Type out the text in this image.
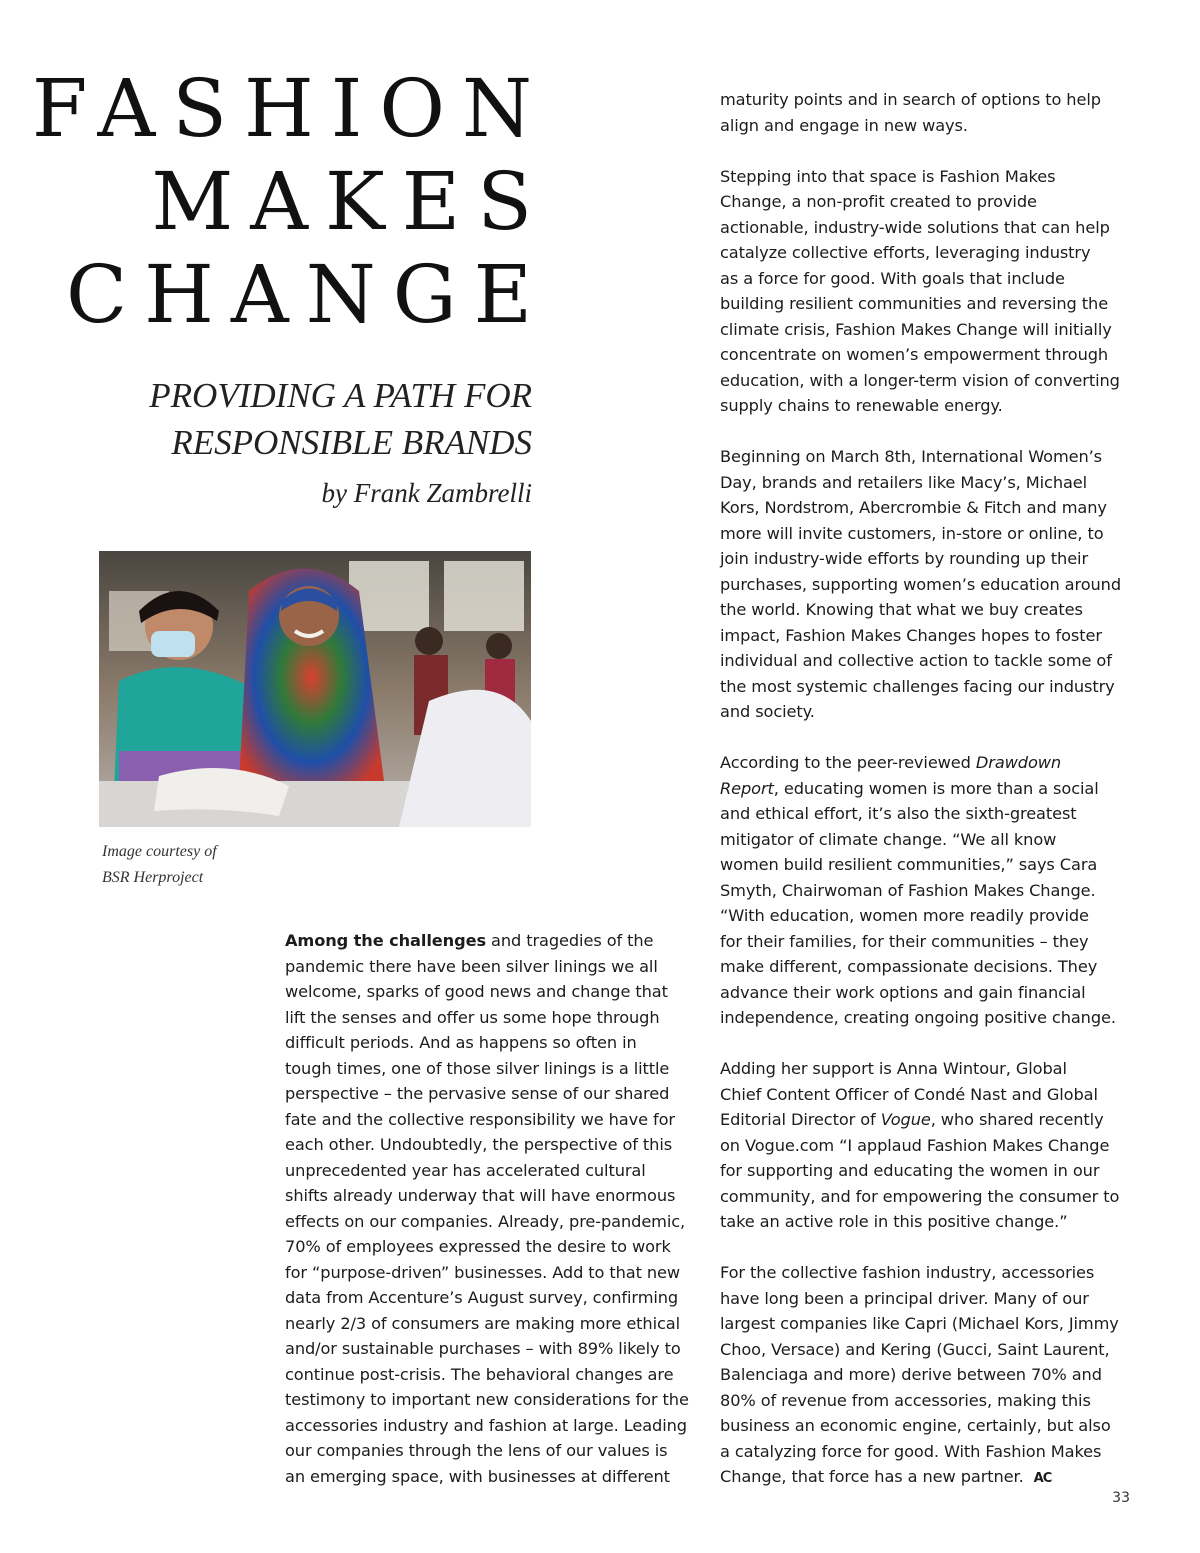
FASHION
MAKES
CHANGE
PROVIDING A PATH FOR
RESPONSIBLE BRANDS
by Frank Zambrelli
Image courtesy of
BSR Herproject
Among the challenges and tragedies of the
pandemic there have been silver linings we all
welcome, sparks of good news and change that
lift the senses and offer us some hope through
difficult periods. And as happens so often in
tough times, one of those silver linings is a little
perspective – the pervasive sense of our shared
fate and the collective responsibility we have for
each other. Undoubtedly, the perspective of this
unprecedented year has accelerated cultural
shifts already underway that will have enormous
effects on our companies. Already, pre-pandemic,
70% of employees expressed the desire to work
for “purpose-driven” businesses. Add to that new
data from Accenture’s August survey, confirming
nearly 2/3 of consumers are making more ethical
and/or sustainable purchases – with 89% likely to
continue post-crisis. The behavioral changes are
testimony to important new considerations for the
accessories industry and fashion at large. Leading
our companies through the lens of our values is
an emerging space, with businesses at different
maturity points and in search of options to help
align and engage in new ways.
Stepping into that space is Fashion Makes
Change, a non-profit created to provide
actionable, industry-wide solutions that can help
catalyze collective efforts, leveraging industry
as a force for good. With goals that include
building resilient communities and reversing the
climate crisis, Fashion Makes Change will initially
concentrate on women’s empowerment through
education, with a longer-term vision of converting
supply chains to renewable energy.
Beginning on March 8th, International Women’s
Day, brands and retailers like Macy’s, Michael
Kors, Nordstrom, Abercrombie & Fitch and many
more will invite customers, in-store or online, to
join industry-wide efforts by rounding up their
purchases, supporting women’s education around
the world. Knowing that what we buy creates
impact, Fashion Makes Changes hopes to foster
individual and collective action to tackle some of
the most systemic challenges facing our industry
and society.
According to the peer-reviewed Drawdown
Report, educating women is more than a social
and ethical effort, it’s also the sixth-greatest
mitigator of climate change. “We all know
women build resilient communities,” says Cara
Smyth, Chairwoman of Fashion Makes Change.
“With education, women more readily provide
for their families, for their communities – they
make different, compassionate decisions. They
advance their work options and gain financial
independence, creating ongoing positive change.
Adding her support is Anna Wintour, Global
Chief Content Officer of Condé Nast and Global
Editorial Director of Vogue, who shared recently
on Vogue.com “I applaud Fashion Makes Change
for supporting and educating the women in our
community, and for empowering the consumer to
take an active role in this positive change.”
For the collective fashion industry, accessories
have long been a principal driver. Many of our
largest companies like Capri (Michael Kors, Jimmy
Choo, Versace) and Kering (Gucci, Saint Laurent,
Balenciaga and more) derive between 70% and
80% of revenue from accessories, making this
business an economic engine, certainly, but also
a catalyzing force for good. With Fashion Makes
Change, that force has a new partner. AC
33
